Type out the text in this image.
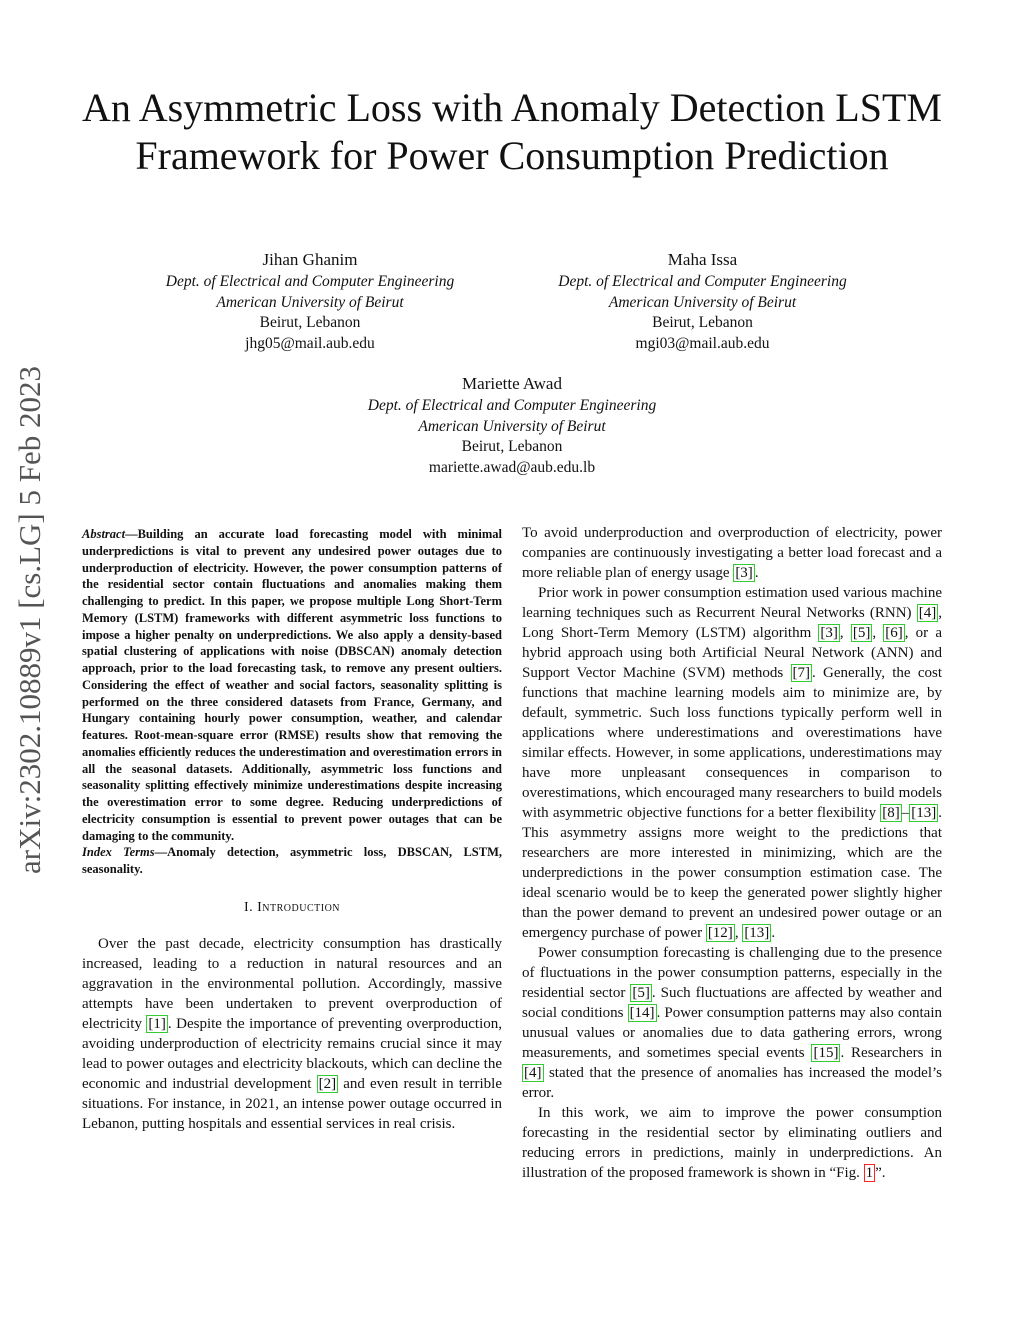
arXiv:2302.10889v1 [cs.LG] 5 Feb 2023
An Asymmetric Loss with Anomaly Detection LSTM Framework for Power Consumption Prediction
Jihan Ghanim
Dept. of Electrical and Computer Engineering
American University of Beirut
Beirut, Lebanon
jhg05@mail.aub.edu
Maha Issa
Dept. of Electrical and Computer Engineering
American University of Beirut
Beirut, Lebanon
mgi03@mail.aub.edu
Mariette Awad
Dept. of Electrical and Computer Engineering
American University of Beirut
Beirut, Lebanon
mariette.awad@aub.edu.lb

Abstract—Building an accurate load forecasting model with minimal underpredictions is vital to prevent any undesired power outages due to underproduction of electricity. However, the power consumption patterns of the residential sector contain fluctuations and anomalies making them challenging to predict. In this paper, we propose multiple Long Short-Term Memory (LSTM) frameworks with different asymmetric loss functions to impose a higher penalty on underpredictions. We also apply a density-based spatial clustering of applications with noise (DBSCAN) anomaly detection approach, prior to the load forecasting task, to remove any present oultiers. Considering the effect of weather and social factors, seasonality splitting is performed on the three considered datasets from France, Germany, and Hungary containing hourly power consumption, weather, and calendar features. Root-mean-square error (RMSE) results show that removing the anomalies efficiently reduces the underestimation and overestimation errors in all the seasonal datasets. Additionally, asymmetric loss functions and seasonality splitting effectively minimize underestimations despite increasing the overestimation error to some degree. Reducing underpredictions of electricity consumption is essential to prevent power outages that can be damaging to the community.

Index Terms—Anomaly detection, asymmetric loss, DBSCAN, LSTM, seasonality.

I. Introduction

Over the past decade, electricity consumption has drastically increased, leading to a reduction in natural resources and an aggravation in the environmental pollution. Accordingly, massive attempts have been undertaken to prevent overproduction of electricity [1] . Despite the importance of preventing overproduction, avoiding underproduction of electricity remains crucial since it may lead to power outages and electricity blackouts, which can decline the economic and industrial development [2] and even result in terrible situations. For instance, in 2021, an intense power outage occurred in Lebanon, putting hospitals and essential services in real crisis.

To avoid underproduction and overproduction of electricity, power companies are continuously investigating a better load forecast and a more reliable plan of energy usage [3] .

Prior work in power consumption estimation used various machine learning techniques such as Recurrent Neural Networks (RNN) [4] , Long Short-Term Memory (LSTM) algorithm [3] , [5] , [6] , or a hybrid approach using both Artificial Neural Network (ANN) and Support Vector Machine (SVM) methods [7] . Generally, the cost functions that machine learning models aim to minimize are, by default, symmetric. Such loss functions typically perform well in applications where underestimations and overestimations have similar effects. However, in some applications, underestimations may have more unpleasant consequences in comparison to overestimations, which encouraged many researchers to build models with asymmetric objective functions for a better flexibility [8] – [13] . This asymmetry assigns more weight to the predictions that researchers are more interested in minimizing, which are the underpredictions in the power consumption estimation case. The ideal scenario would be to keep the generated power slightly higher than the power demand to prevent an undesired power outage or an emergency purchase of power [12] , [13] .

Power consumption forecasting is challenging due to the presence of fluctuations in the power consumption patterns, especially in the residential sector [5] . Such fluctuations are affected by weather and social conditions [14] . Power consumption patterns may also contain unusual values or anomalies due to data gathering errors, wrong measurements, and sometimes special events [15] . Researchers in [4] stated that the presence of anomalies has increased the model’s error.

In this work, we aim to improve the power consumption forecasting in the residential sector by eliminating outliers and reducing errors in predictions, mainly in underpredictions. An illustration of the proposed framework is shown in “Fig. 1 ”.
